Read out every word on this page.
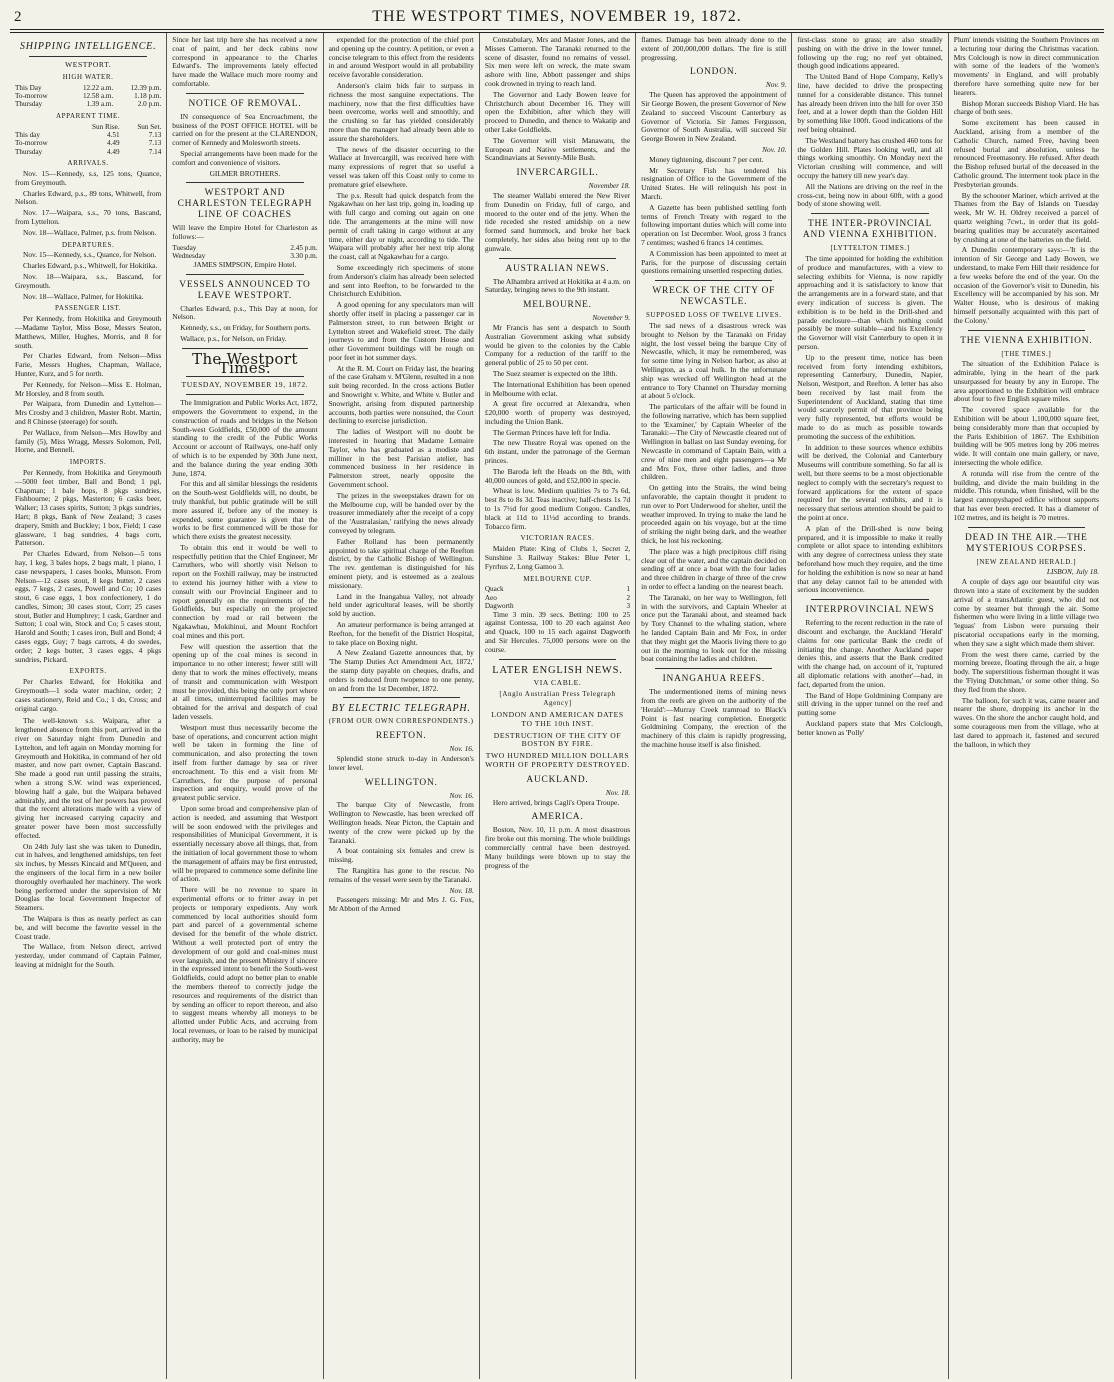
2	THE WESTPORT TIMES, NOVEMBER 19, 1872.
SHIPPING INTELLIGENCE.
WESTPORT.
HIGH WATER.
This Day	12.22 a.m.	12.39 p.m.
To-morrow	12.58 a.m.	1.18 p.m.
Thursday	1.39 a.m.	2.0 p.m.
APPARENT TIME.
	Sun Rise.	Sun Set.
This day	4.51	7.13
To-morrow	4.49	7.13
Thursday	4.49	7.14
ARRIVALS.

Nov. 15—Kennedy, s.s, 125 tons, Quance, from Greymouth.

Charles Edward, p.s., 89 tons, Whitwell, from Nelson.

Nov. 17—Waipara, s.s., 70 tons, Bascand, from Lyttelton.

Nov. 18—Wallace, Palmer, p.s. from Nelson.

DEPARTURES.

Nov. 15—Kennedy, s.s., Quance, for Nelson.

Charles Edward, p.s., Whitwell, for Hokitika.

Nov. 18—Waipara, s.s., Bascand, for Greymouth.

Nov. 18—Wallace, Palmer, for Hokitika.

PASSENGER LIST.

Per Kennedy, from Hokitika and Greymouth—Madame Taylor, Miss Bose, Messrs Seaton, Matthews, Miller, Hughes, Morris, and 8 for south.

Per Charles Edward, from Nelson—Miss Farie, Messrs Hughes, Chapman, Wallace, Hunter, Kurz, and 5 for north.

Per Kennedy, for Nelson—Miss E. Holman, Mr Horsley, and 8 from south.

Per Waipara, from Dunedin and Lyttelton—Mrs Crosby and 3 children, Master Robt. Martin, and 8 Chinese (steerage) for south.

Per Wallace, from Nelson—Mrs Howlby and family (5), Miss Wragg, Messrs Solomon, Pell, Horne, and Bennell.

IMPORTS.

Per Kennedy, from Hokitika and Greymouth—5000 feet timber, Ball and Bond; 1 pgl, Chapman; 1 bale hops, 8 pkgs sundries, Fishbourne; 2 pkgs, Masterton; 6 casks beer, Walker; 13 cases spirits, Sutton; 3 pkgs sundries, Hart; 8 pkgs, Bank of New Zealand; 3 cases drapery, Smith and Buckley; 1 box, Field; 1 case glassware, 1 bag sundries, 4 bags corn, Patterson.

Per Charles Edward, from Nelson—5 tons hay, 1 keg, 3 bales hops, 2 bags malt, 1 piano, 1 case newspapers, 1 cases books, Munson. From Nelson—12 cases stout, 8 kegs butter, 2 cases eggs, 7 kegs, 2 cases, Powell and Co; 10 cases stout, 6 case eggs, 1 box confectionery, 1 do candles, Simon; 30 cases stout, Corr; 25 cases stout, Butler and Humphrey; 1 cask, Gardner and Sutton; 1 coal win, Stock and Co; 5 cases stout, Harold and South; 1 cases iron, Bull and Bond; 4 cases eggs, Guy; 7 bags carrots, 4 do swedes, order; 2 kegs butter, 3 cases eggs, 4 pkgs sundries, Pickard.

EXPORTS.

Per Charles Edward, for Hokitika and Greymouth—1 soda water machine, order; 2 cases stationery, Reid and Co.; 1 do, Cross; and original cargo.

The well-known s.s. Waipara, after a lengthened absence from this port, arrived in the river on Saturday night from Dunedin and Lyttelton, and left again on Monday morning for Greymouth and Hokitika, in command of her old master, and now part owner, Captain Bascand. She made a good run until passing the straits, when a strong S.W. wind was experienced, blowing half a gale, but the Waipara behaved admirably, and the test of her powers has proved that the recent alterations made with a view of giving her increased carrying capacity and greater power have been most successfully effected.

On 24th July last she was taken to Dunedin, cut in halves, and lengthened amidships, ten feet six inches, by Messrs Kincaid and M'Queen, and the engineers of the local firm in a new boiler thoroughly overhauled her machinery. The work being performed under the supervision of Mr Douglas the local Government Inspector of Steamers.

The Waipara is thus as nearly perfect as can be, and will become the favorite vessel in the Coast trade.

The Wallace, from Nelson direct, arrived yesterday, under command of Captain Palmer, leaving at midnight for the South.

Since her last trip here she has received a new coat of paint, and her deck cabins now correspond in appearance to the Charles Edward's. The improvements lately effected have made the Wallace much more roomy and comfortable.

NOTICE OF REMOVAL.

IN consequence of Sea Encroachment, the business of the POST OFFICE HOTEL will be carried on for the present at the CLARENDON, corner of Kennedy and Molesworth streets.

Special arrangements have been made for the comfort and convenience of visitors.

GILMER BROTHERS.
WESTPORT AND CHARLESTON TELEGRAPH LINE OF COACHES

Will leave the Empire Hotel for Charleston as follows:—

Tuesday	2.45 p.m.
Wednesday	3.30 p.m.
JAMES SIMPSON, Empire Hotel.
VESSELS ANNOUNCED TO LEAVE WESTPORT.

Charles Edward, p.s., This Day at noon, for Nelson.

Kennedy, s.s., on Friday, for Southern ports.

Wallace, p.s., for Nelson, on Friday.

The Westport Times.
TUESDAY, NOVEMBER 19, 1872.

The Immigration and Public Works Act, 1872, empowers the Government to expend, in the construction of roads and bridges in the Nelson South-west Goldfields, £50,000 of the amount standing to the credit of the Public Works Account or account of Railways, one-half only of which is to be expended by 30th June next, and the balance during the year ending 30th June, 1874.

For this and all similar blessings the residents on the South-west Goldfields will, no doubt, be truly thankful, but public gratitude will be still more assured if, before any of the money is expended, some guarantee is given that the works to be first commenced will be those for which there exists the greatest necessity.

To obtain this end it would be well to respectfully petition that the Chief Engineer, Mr Carruthers, who will shortly visit Nelson to report on the Foxhill railway, may be instructed to extend his journey hither with a view to consult with our Provincial Engineer and to report generally on the requirements of the Goldfields, but especially on the projected connection by road or rail between the Ngakawhau, Mokihinui, and Mount Rochfort coal mines and this port.

Few will question the assertion that the opening up of the coal mines is second in importance to no other interest; fewer still will deny that to work the mines effectively, means of transit and communication with Westport must be provided, this being the only port where at all times, uninterrupted facilities may be obtained for the arrival and despatch of coal laden vessels.

Westport must thus necessarily become the base of operations, and concurrent action might well be taken in forming the line of communication, and also protecting the town itself from further damage by sea or river encroachment. To this end a visit from Mr Carruthers, for the purpose of personal inspection and enquiry, would prove of the greatest public service.

Upon some broad and comprehensive plan of action is needed, and assuming that Westport will be soon endowed with the privileges and responsibilities of Municipal Government, it is essentially necessary above all things, that, from the initiation of local government those to whom the management of affairs may be first entrusted, will be prepared to commence some definite line of action.

There will be no revenue to spare in experimental efforts or to fritter away in pet projects or temporary expedients. Any work commenced by local authorities should form part and parcel of a governmental scheme devised for the benefit of the whole district. Without a well protected port of entry the development of our gold and coal-mines must ever languish, and the present Ministry if sincere in the expressed intent to benefit the South-west Goldfields, could adopt no better plan to enable the members thereof to correctly judge the resources and requirements of the district than by sending an officer to report thereon, and also to suggest means whereby all moneys to be allotted under Public Acts, and accruing from local revenues, or loan to be raised by municipal authority, may be

expended for the protection of the chief port and opening up the country. A petition, or even a concise telegram to this effect from the residents in and around Westport would in all probability receive favorable consideration.

Anderson's claim bids fair to surpass in richness the most sanguine expectations. The machinery, now that the first difficulties have been overcome, works well and smoothly, and the crushing so far has yielded considerably more than the manager had already been able to assure the shareholders.

The news of the disaster occurring to the Wallace at Invercargill, was received here with many expressions of regret that so useful a vessel was taken off this Coast only to come to premature grief elsewhere.

The p.s. Result had quick despatch from the Ngakawhau on her last trip, going in, loading up with full cargo and coming out again on one tide. The arrangements at the mine will now permit of craft taking in cargo without at any time, either day or night, according to tide. The Waipara will probably after her next trip along the coast, call at Ngakawhau for a cargo.

Some exceedingly rich specimens of stone from Anderson's claim has already been selected and sent into Reefton, to be forwarded to the Christchurch Exhibition.

A good opening for any speculators man will shortly offer itself in placing a passenger car in Palmerston street, to run between Bright or Lyttelton street and Wakefield street. The daily journeys to and from the Custom House and other Government buildings will be rough on poor feet in hot summer days.

At the R. M. Court on Friday last, the hearing of the case Graham v. M'Glenn, resulted in a non suit being recorded. In the cross actions Butler and Snowright v. White, and White v. Butler and Snowright, arising from disputed partnership accounts, both parties were nonsuited, the Court declining to exercise jurisdiction.

The ladies of Westport will no doubt be interested in hearing that Madame Lemaire Taylor, who has graduated as a modiste and milliner in the best Parisian atelier, has commenced business in her residence in Palmerston street, nearly opposite the Government school.

The prizes in the sweepstakes drawn for on the Melbourne cup, will be handed over by the treasurer immediately after the receipt of a copy of the 'Australasian,' ratifying the news already conveyed by telegram.

Father Rolland has been permanently appointed to take spiritual charge of the Reefton district, by the Catholic Bishop of Wellington. The rev. gentleman is distinguished for his eminent piety, and is esteemed as a zealous missionary.

Land in the Inangahua Valley, not already held under agricultural leases, will be shortly sold by auction.

An amateur performance is being arranged at Reefton, for the benefit of the District Hospital, to take place on Boxing night.

A New Zealand Gazette announces that, by 'The Stamp Duties Act Amendment Act, 1872,' the stamp duty payable on cheques, drafts, and orders is reduced from twopence to one penny, on and from the 1st December, 1872.

BY ELECTRIC TELEGRAPH.
(FROM OUR OWN CORRESPONDENTS.)
REEFTON.
Nov. 16.

Splendid stone struck to-day in Anderson's lower level.

WELLINGTON.
Nov. 16.

The barque City of Newcastle, from Wellington to Newcastle, has been wrecked off Wellington heads. Near Picton, the Captain and twenty of the crew were picked up by the Taranaki.

A boat containing six females and crew is missing.

The Rangitira has gone to the rescue. No remains of the vessel were seen by the Taranaki.

Nov. 18.

Passengers missing: Mr and Mrs J. G. Fox, Mr Abbott of the Armed

Constabulary, Mrs and Master Jones, and the Misses Cameron. The Taranaki returned to the scene of disaster, found no remains of vessel. Six men were left on wreck, the mate swam ashore with line, Abbott passenger and ships cook drowned in trying to reach land.

The Governor and Lady Bowen leave for Christchurch about December 16. They will open the Exhibition, after which they will proceed to Dunedin, and thence to Wakatip and other Lake Goldfields.

The Governor will visit Manawatu, the European and Native settlements, and the Scandinavians at Seventy-Mile Bush.

INVERCARGILL.
November 18.

The steamer Wallabi entered the New River from Dunedin on Friday, full of cargo, and moored to the outer end of the jetty. When the tide receded she rested amidship on a new formed sand hummock, and broke her back completely, her sides also being rent up to the gunwale.

AUSTRALIAN NEWS.

The Alhambra arrived at Hokitika at 4 a.m. on Saturday, bringing news to the 9th instant.

MELBOURNE.
November 9.

Mr Francis has sent a despatch to South Australian Government asking what subsidy would be given to the colonies by the Cable Company for a reduction of the tariff to the general public of 25 to 50 per cent.

The Suez steamer is expected on the 18th.

The International Exhibition has been opened in Melbourne with eclat.

A great fire occurred at Alexandra, when £20,000 worth of property was destroyed, including the Union Bank.

The German Princes have left for India.

The new Theatre Royal was opened on the 6th instant, under the patronage of the German princes.

The Baroda left the Heads on the 8th, with 40,000 ounces of gold, and £52,000 in specie.

Wheat is low. Medium qualities 7s to 7s 6d, best 8s to 8s 3d. Teas inactive; half-chests 1s 7d to 1s 7½d for good medium Congou. Candles, black at 11d to 11½d according to brands. Tobacco firm.

VICTORIAN RACES.

Maiden Plate: King of Clubs 1, Secret 2, Sunshine 3. Railway Stakes: Blue Peter 1, Fyrrhus 2, Long Gamoo 3.

MELBOURNE CUP.
Quack	1
Aeo	2
Dagworth	3

Time 3 min. 39 secs. Betting: 100 to 25 against Contessa, 100 to 20 each against Aeo and Quack, 100 to 15 each against Dagworth and Sir Hercules. 75,000 persons were on the course.

LATER ENGLISH NEWS.
VIA CABLE.
[Anglo Australian Press Telegraph Agency]
LONDON AND AMERICAN DATES TO THE 10th INST.
DESTRUCTION OF THE CITY OF BOSTON BY FIRE.
TWO HUNDRED MILLION DOLLARS WORTH OF PROPERTY DESTROYED.
AUCKLAND.
Nov. 18.

Hero arrived, brings Cagli's Opera Troupe.

AMERICA.

Boston, Nov. 10, 11 p.m. A most disastrous fire broke out this morning. The whole buildings commercially central have been destroyed. Many buildings were blown up to stay the progress of the

flames. Damage has been already done to the extent of 200,000,000 dollars. The fire is still progressing.

LONDON.
Nov. 9.

The Queen has approved the appointment of Sir George Bowen, the present Governor of New Zealand to succeed Viscount Canterbury as Governor of Victoria. Sir James Fergusson, Governor of South Australia, will succeed Sir George Bowen in New Zealand.

Nov. 10.

Money tightening, discount 7 per cent.

Mr Secretary Fish has tendered his resignation of Office to the Government of the United States. He will relinquish his post in March.

A Gazette has been published settling forth terms of French Treaty with regard to the following important duties which will come into operation on 1st December. Wool, gross 3 francs 7 centimes; washed 6 francs 14 centimes.

A Commission has been appointed to meet at Paris, for the purpose of discussing certain questions remaining unsettled respecting duties.

WRECK OF THE CITY OF NEWCASTLE.
SUPPOSED LOSS OF TWELVE LIVES.

The sad news of a disastrous wreck was brought to Nelson by the Taranaki on Friday night, the lost vessel being the barque City of Newcastle, which, it may be remembered, was for some time lying in Nelson harbor, as also at Wellington, as a coal hulk. In the unfortunate ship was wrecked off Wellington head at the entrance to Tory Channel on Thursday morning at about 5 o'clock.

The particulars of the affair will be found in the following narrative, which has been supplied to the 'Examiner,' by Captain Wheeler of the Taranaki:—The City of Newcastle cleared out of Wellington in ballast on last Sunday evening, for Newcastle in command of Captain Bain, with a crew of nine men and eight passengers—a Mr and Mrs Fox, three other ladies, and three children.

On getting into the Straits, the wind being unfavorable, the captain thought it prudent to run over to Port Underwood for shelter, until the weather improved. In trying to make the land he proceeded again on his voyage, but at the time of striking the night being dark, and the weather thick, he lost his reckoning.

The place was a high precipitous cliff rising clear out of the water, and the captain decided on sending off at once a boat with the four ladies and three children in charge of three of the crew in order to effect a landing on the nearest beach.

The Taranaki, on her way to Wellington, fell in with the survivors, and Captain Wheeler at once put the Taranaki about, and steamed back by Tory Channel to the whaling station, where he landed Captain Bain and Mr Fox, in order that they might get the Maoris living there to go out in the morning to look out for the missing boat containing the ladies and children.

INANGAHUA REEFS.

The undermentioned items of mining news from the reefs are given on the authority of the 'Herald':—Murray Creek tramroad to Black's Point is fast nearing completion. Energetic Goldmining Company, the erection of the machinery of this claim is rapidly progressing, the machine house itself is also finished.

first-class stone to grass; are also steadily pushing on with the drive in the lower tunnel, following up the rug; no reef yet obtained, though good indications appeared.

The United Band of Hope Company, Kelly's line, have decided to drive the prospecting tunnel for a considerable distance. This tunnel has already been driven into the hill for over 350 feet, and at a lower depth than the Golden Hill by something like 100ft. Good indications of the reef being obtained.

The Westland battery has crushed 460 tons for the Golden Hill. Plates looking well, and all things working smoothly. On Monday next the Victorian crushing will commence, and will occupy the battery till new year's day.

All the Nations are driving on the reef in the cross-cut, being now in about 60ft, with a good body of stone showing well.

THE INTER-PROVINCIAL AND VIENNA EXHIBITION.
[LYTTELTON TIMES.]

The time appointed for holding the exhibition of produce and manufactures, with a view to selecting exhibits for Vienna, is now rapidly approaching and it is satisfactory to know that the arrangements are in a forward state, and that every indication of success is given. The exhibition is to be held in the Drill-shed and parade enclosure—than which nothing could possibly be more suitable—and his Excellency the Governor will visit Canterbury to open it in person.

Up to the present time, notice has been received from forty intending exhibitors, representing Canterbury, Dunedin, Napier, Nelson, Westport, and Reefton. A letter has also been received by last mail from the Superintendent of Auckland, stating that time would scarcely permit of that province being very fully represented, but efforts would be made to do as much as possible towards promoting the success of the exhibition.

In addition to these sources whence exhibits will be derived, the Colonial and Canterbury Museums will contribute something. So far all is well, but there seems to be a most objectionable neglect to comply with the secretary's request to forward applications for the extent of space required for the several exhibits, and it is necessary that serious attention should be paid to the point at once.

A plan of the Drill-shed is now being prepared, and it is impossible to make it really complete or allot space to intending exhibitors with any degree of correctness unless they state beforehand how much they require, and the time for holding the exhibition is now so near at hand that any delay cannot fail to be attended with serious inconvenience.

INTERPROVINCIAL NEWS

Referring to the recent reduction in the rate of discount and exchange, the Auckland 'Herald' claims for one particular Bank the credit of initiating the change. Another Auckland paper denies this, and asserts that the Bank credited with the change had, on account of it, 'ruptured all diplomatic relations with another'—had, in fact, departed from the union.

The Band of Hope Goldmining Company are still driving in the upper tunnel on the reef and putting some

Auckland papers state that Mrs Colclough, better known as 'Polly'

Plum' intends visiting the Southern Provinces on a lecturing tour during the Christmas vacation. Mrs Colclough is now in direct communication with some of the leaders of the 'women's movements' in England, and will probably therefore have something quite new for her hearers.

Bishop Moran succeeds Bishop Viard. He has charge of both sees.

Some excitement has been caused in Auckland, arising from a member of the Catholic Church, named Free, having been refused burial and absolution, unless he renounced Freemasonry. He refused. After death the Bishop refused burial of the deceased in the Catholic ground. The interment took place in the Presbyterian grounds.

By the schooner Mariner, which arrived at the Thames from the Bay of Islands on Tuesday week, Mr W. H. Oldrey received a parcel of quartz weighing 7cwt., in order that its gold-bearing qualities may be accurately ascertained by crushing at one of the batteries on the field.

A Dunedin contemporary says:—'It is the intention of Sir George and Lady Bowen, we understand, to make Fern Hill their residence for a few weeks before the end of the year. On the occasion of the Governor's visit to Dunedin, his Excellency will be accompanied by his son. Mr Walter House, who is desirous of making himself personally acquainted with this part of the Colony.'

THE VIENNA EXHIBITION.
[THE TIMES.]

The situation of the Exhibition Palace is admirable, lying in the heart of the park unsurpassed for beauty by any in Europe. The area apportioned to the Exhibition will embrace about four to five English square miles.

The covered space available for the Exhibition will be about 1,100,000 square feet, being considerably more than that occupied by the Paris Exhibition of 1867. The Exhibition building will be 905 metres long by 206 metres wide. It will contain one main gallery, or nave, intersecting the whole edifice.

A rotunda will rise from the centre of the building, and divide the main building in the middle. This rotunda, when finished, will be the largest cannopyshaped edifice without supports that has ever been erected. It has a diameter of 102 metres, and its height is 70 metres.

DEAD IN THE AIR.—THE MYSTERIOUS CORPSES.
[NEW ZEALAND HERALD.]
LISBON, July 18.

A couple of days ago our beautiful city was thrown into a state of excitement by the sudden arrival of a transAtlantic guest, who did not come by steamer but through the air. Some fishermen who were living in a little village two 'leguas' from Lisbon were pursuing their piscatorial occupations early in the morning, when they saw a sight which made them shiver.

From the west there came, carried by the morning breeze, floating through the air, a huge body. The superstitious fisherman thought it was the 'Flying Dutchman,' or some other thing. So they fled from the shore.

The balloon, for such it was, came nearer and nearer the shore, dropping its anchor in the waves. On the shore the anchor caught hold, and some courageous men from the village, who at last dared to approach it, fastened and secured the balloon, in which they
